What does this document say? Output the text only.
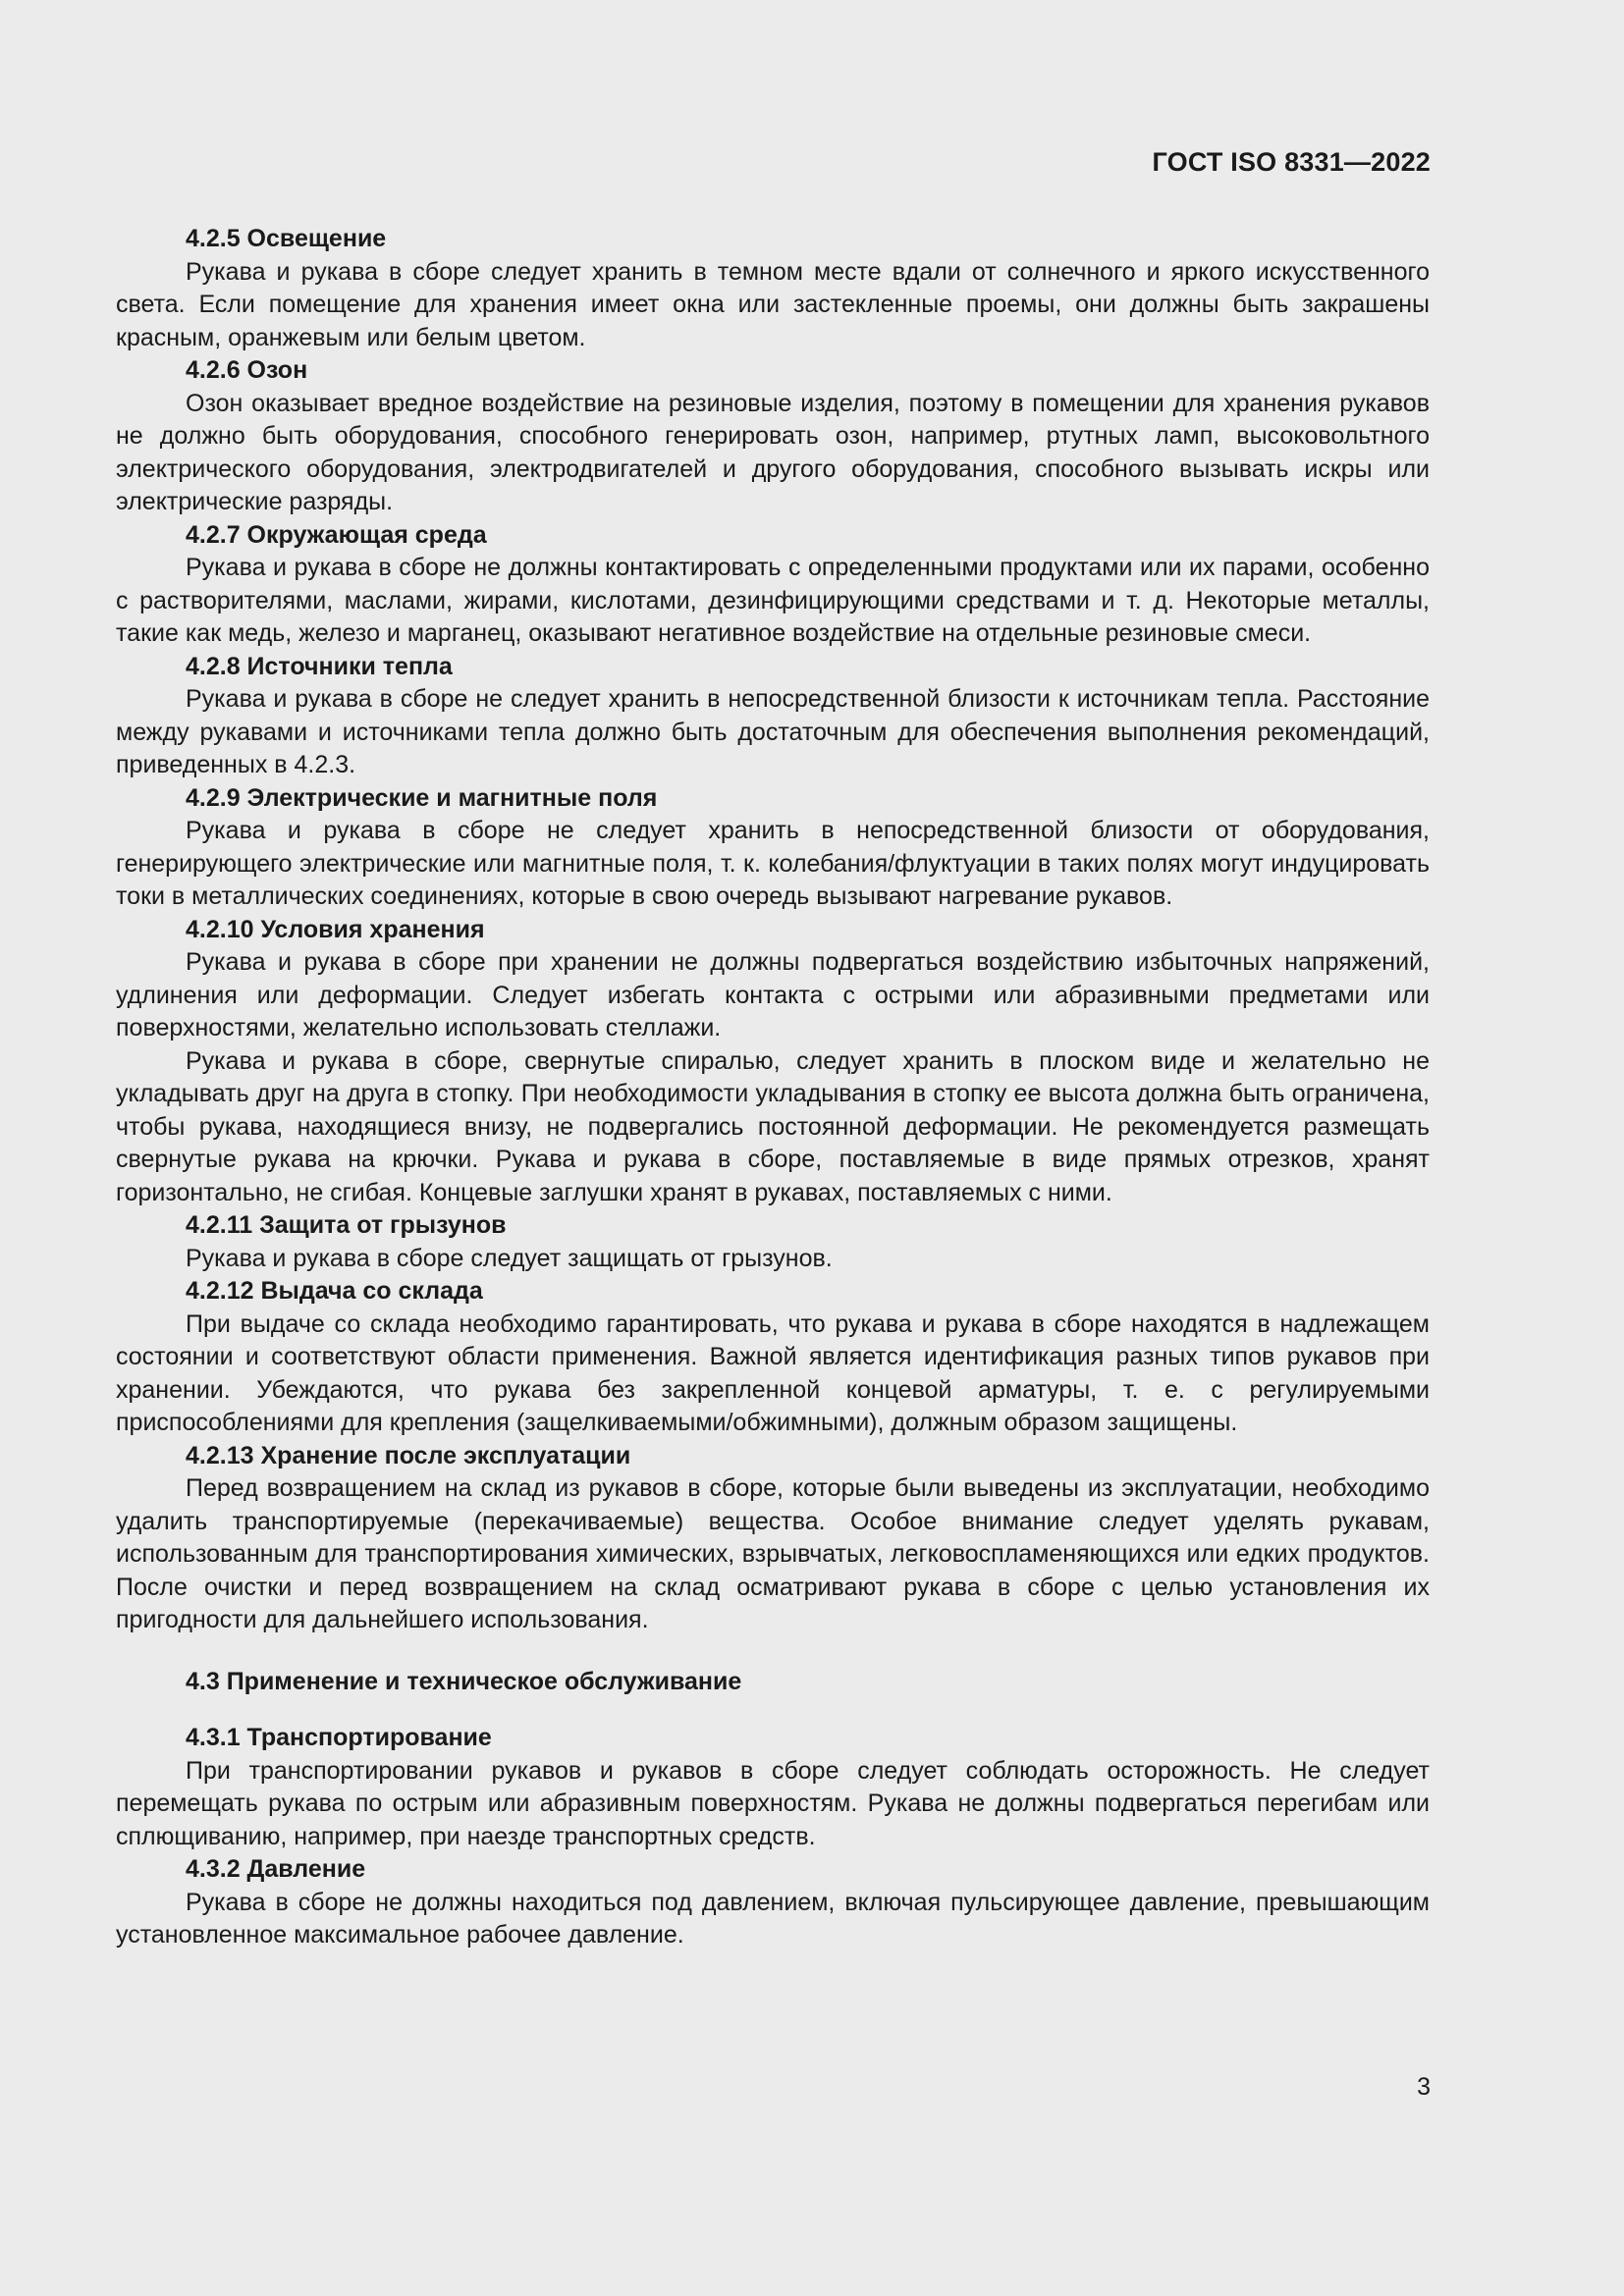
ГОСТ ISO 8331—2022
4.2.5 Освещение

Рукава и рукава в сборе следует хранить в темном месте вдали от солнечного и яркого искусственного света. Если помещение для хранения имеет окна или застекленные проемы, они должны быть закрашены красным, оранжевым или белым цветом.

4.2.6 Озон

Озон оказывает вредное воздействие на резиновые изделия, поэтому в помещении для хранения рукавов не должно быть оборудования, способного генерировать озон, например, ртутных ламп, высоковольтного электрического оборудования, электродвигателей и другого оборудования, способного вызывать искры или электрические разряды.

4.2.7 Окружающая среда

Рукава и рукава в сборе не должны контактировать с определенными продуктами или их парами, особенно с растворителями, маслами, жирами, кислотами, дезинфицирующими средствами и т. д. Некоторые металлы, такие как медь, железо и марганец, оказывают негативное воздействие на отдельные резиновые смеси.

4.2.8 Источники тепла

Рукава и рукава в сборе не следует хранить в непосредственной близости к источникам тепла. Расстояние между рукавами и источниками тепла должно быть достаточным для обеспечения выполнения рекомендаций, приведенных в 4.2.3.

4.2.9 Электрические и магнитные поля

Рукава и рукава в сборе не следует хранить в непосредственной близости от оборудования, генерирующего электрические или магнитные поля, т. к. колебания/флуктуации в таких полях могут индуцировать токи в металлических соединениях, которые в свою очередь вызывают нагревание рукавов.

4.2.10 Условия хранения

Рукава и рукава в сборе при хранении не должны подвергаться воздействию избыточных напряжений, удлинения или деформации. Следует избегать контакта с острыми или абразивными предметами или поверхностями, желательно использовать стеллажи.

Рукава и рукава в сборе, свернутые спиралью, следует хранить в плоском виде и желательно не укладывать друг на друга в стопку. При необходимости укладывания в стопку ее высота должна быть ограничена, чтобы рукава, находящиеся внизу, не подвергались постоянной деформации. Не рекомендуется размещать свернутые рукава на крючки. Рукава и рукава в сборе, поставляемые в виде прямых отрезков, хранят горизонтально, не сгибая. Концевые заглушки хранят в рукавах, поставляемых с ними.

4.2.11 Защита от грызунов

Рукава и рукава в сборе следует защищать от грызунов.

4.2.12 Выдача со склада

При выдаче со склада необходимо гарантировать, что рукава и рукава в сборе находятся в надлежащем состоянии и соответствуют области применения. Важной является идентификация разных типов рукавов при хранении. Убеждаются, что рукава без закрепленной концевой арматуры, т. е. с регулируемыми приспособлениями для крепления (защелкиваемыми/обжимными), должным образом защищены.

4.2.13 Хранение после эксплуатации

Перед возвращением на склад из рукавов в сборе, которые были выведены из эксплуатации, необходимо удалить транспортируемые (перекачиваемые) вещества. Особое внимание следует уделять рукавам, использованным для транспортирования химических, взрывчатых, легковоспламеняющихся или едких продуктов. После очистки и перед возвращением на склад осматривают рукава в сборе с целью установления их пригодности для дальнейшего использования.

4.3 Применение и техническое обслуживание
4.3.1 Транспортирование

При транспортировании рукавов и рукавов в сборе следует соблюдать осторожность. Не следует перемещать рукава по острым или абразивным поверхностям. Рукава не должны подвергаться перегибам или сплющиванию, например, при наезде транспортных средств.

4.3.2 Давление

Рукава в сборе не должны находиться под давлением, включая пульсирующее давление, превышающим установленное максимальное рабочее давление.

3
